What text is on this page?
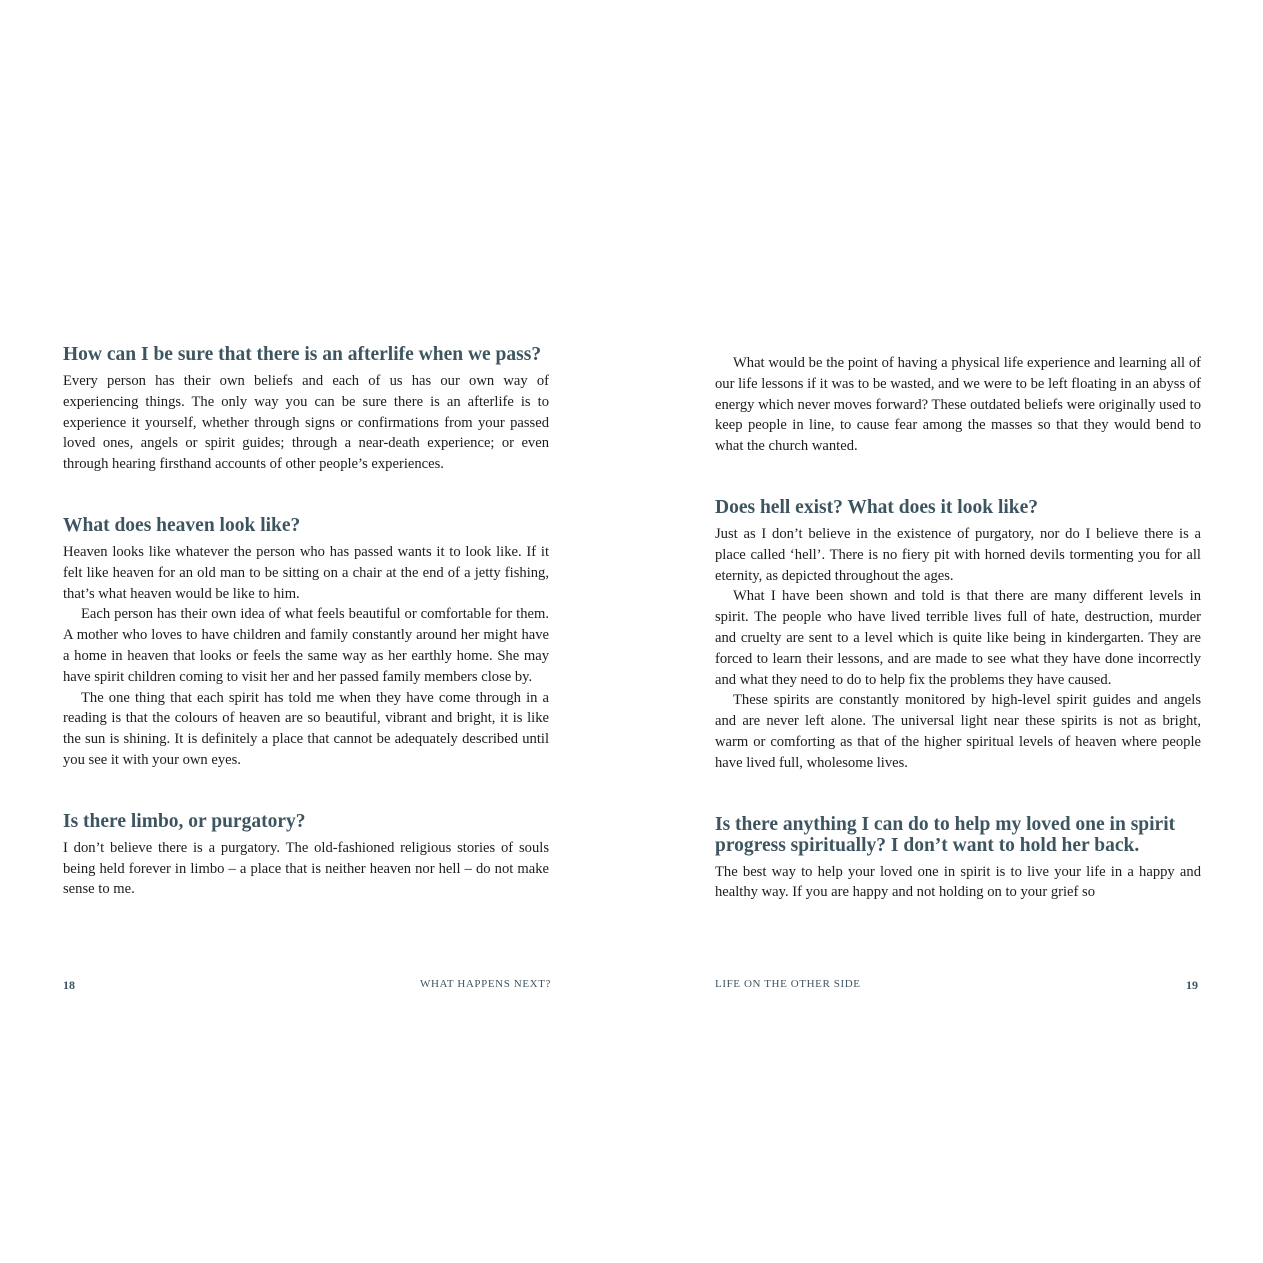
How can I be sure that there is an afterlife when we pass?

Every person has their own beliefs and each of us has our own way of experiencing things. The only way you can be sure there is an afterlife is to experience it yourself, whether through signs or confirmations from your passed loved ones, angels or spirit guides; through a near-death experience; or even through hearing firsthand accounts of other people’s experiences.

What does heaven look like?

Heaven looks like whatever the person who has passed wants it to look like. If it felt like heaven for an old man to be sitting on a chair at the end of a jetty fishing, that’s what heaven would be like to him.

Each person has their own idea of what feels beautiful or comfortable for them. A mother who loves to have children and family constantly around her might have a home in heaven that looks or feels the same way as her earthly home. She may have spirit children coming to visit her and her passed family members close by.

The one thing that each spirit has told me when they have come through in a reading is that the colours of heaven are so beautiful, vibrant and bright, it is like the sun is shining. It is definitely a place that cannot be adequately described until you see it with your own eyes.

Is there limbo, or purgatory?

I don’t believe there is a purgatory. The old-fashioned religious stories of souls being held forever in limbo – a place that is neither heaven nor hell – do not make sense to me.

18	WHAT HAPPENS NEXT?

What would be the point of having a physical life experience and learning all of our life lessons if it was to be wasted, and we were to be left floating in an abyss of energy which never moves forward? These outdated beliefs were originally used to keep people in line, to cause fear among the masses so that they would bend to what the church wanted.

Does hell exist? What does it look like?

Just as I don’t believe in the existence of purgatory, nor do I believe there is a place called ‘hell’. There is no fiery pit with horned devils tormenting you for all eternity, as depicted throughout the ages.

What I have been shown and told is that there are many different levels in spirit. The people who have lived terrible lives full of hate, destruction, murder and cruelty are sent to a level which is quite like being in kindergarten. They are forced to learn their lessons, and are made to see what they have done incorrectly and what they need to do to help fix the problems they have caused.

These spirits are constantly monitored by high-level spirit guides and angels and are never left alone. The universal light near these spirits is not as bright, warm or comforting as that of the higher spiritual levels of heaven where people have lived full, wholesome lives.

Is there anything I can do to help my loved one in spirit progress spiritually? I don’t want to hold her back.

The best way to help your loved one in spirit is to live your life in a happy and healthy way. If you are happy and not holding on to your grief so

LIFE ON THE OTHER SIDE	19
